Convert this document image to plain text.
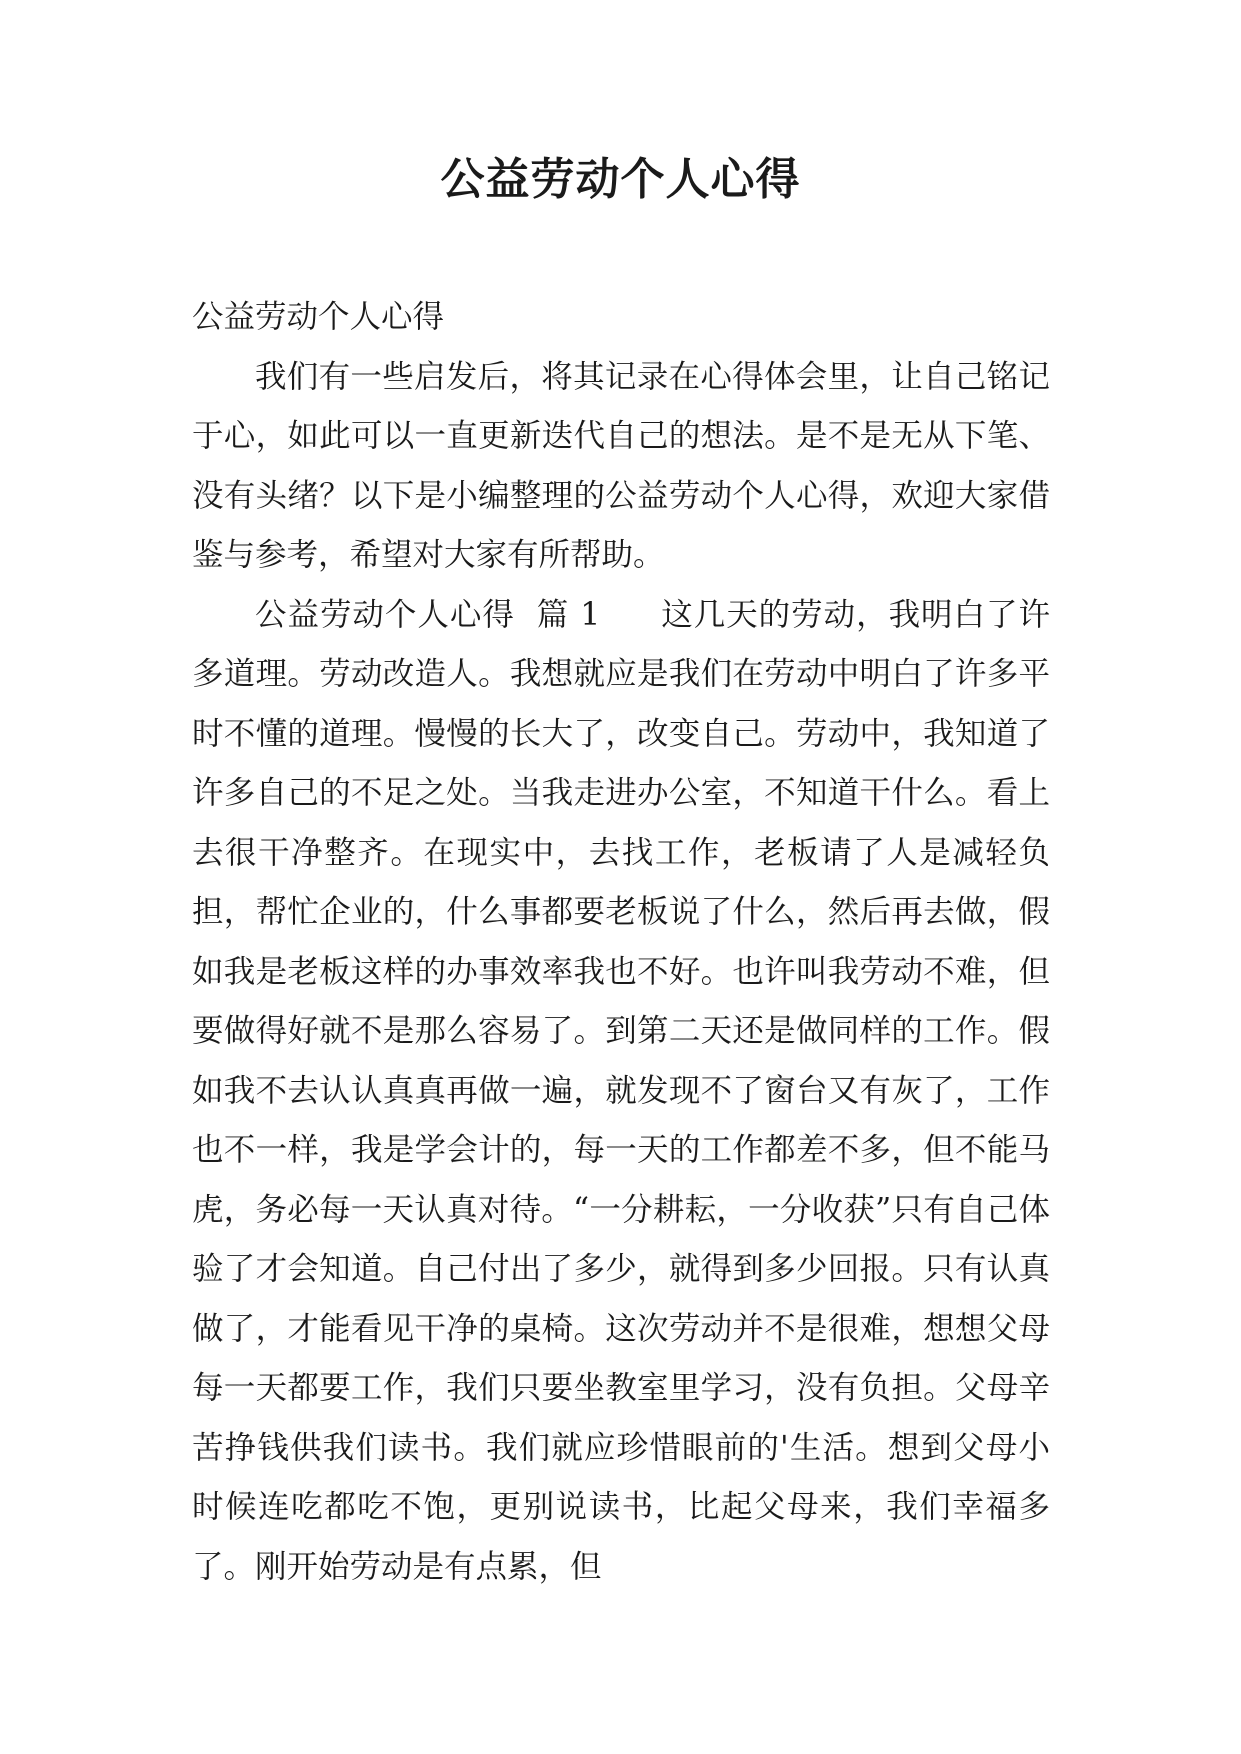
公益劳动个人心得

公益劳动个人心得

我们有一些启发后，将其记录在心得体会里，让自己铭记于心，如此可以一直更新迭代自己的想法。是不是无从下笔、没有头绪？以下是小编整理的公益劳动个人心得，欢迎大家借鉴与参考，希望对大家有所帮助。

公益劳动个人心得  篇 1 这几天的劳动，我明白了许多道理。劳动改造人。我想就应是我们在劳动中明白了许多平时不懂的道理。慢慢的长大了，改变自己。劳动中，我知道了许多自己的不足之处。当我走进办公室，不知道干什么。看上去很干净整齐。在现实中，去找工作，老板请了人是减轻负担，帮忙企业的，什么事都要老板说了什么，然后再去做，假如我是老板这样的办事效率我也不好。也许叫我劳动不难，但要做得好就不是那么容易了。到第二天还是做同样的工作。假如我不去认认真真再做一遍，就发现不了窗台又有灰了，工作也不一样，我是学会计的，每一天的工作都差不多，但不能马虎，务必每一天认真对待。“一分耕耘，一分收获”只有自己体验了才会知道。自己付出了多少，就得到多少回报。只有认真做了，才能看见干净的桌椅。这次劳动并不是很难，想想父母每一天都要工作，我们只要坐教室里学习，没有负担。父母辛苦挣钱供我们读书。我们就应珍惜眼前的'生活。想到父母小时候连吃都吃不饱，更别说读书，比起父母来，我们幸福多了。刚开始劳动是有点累，但
